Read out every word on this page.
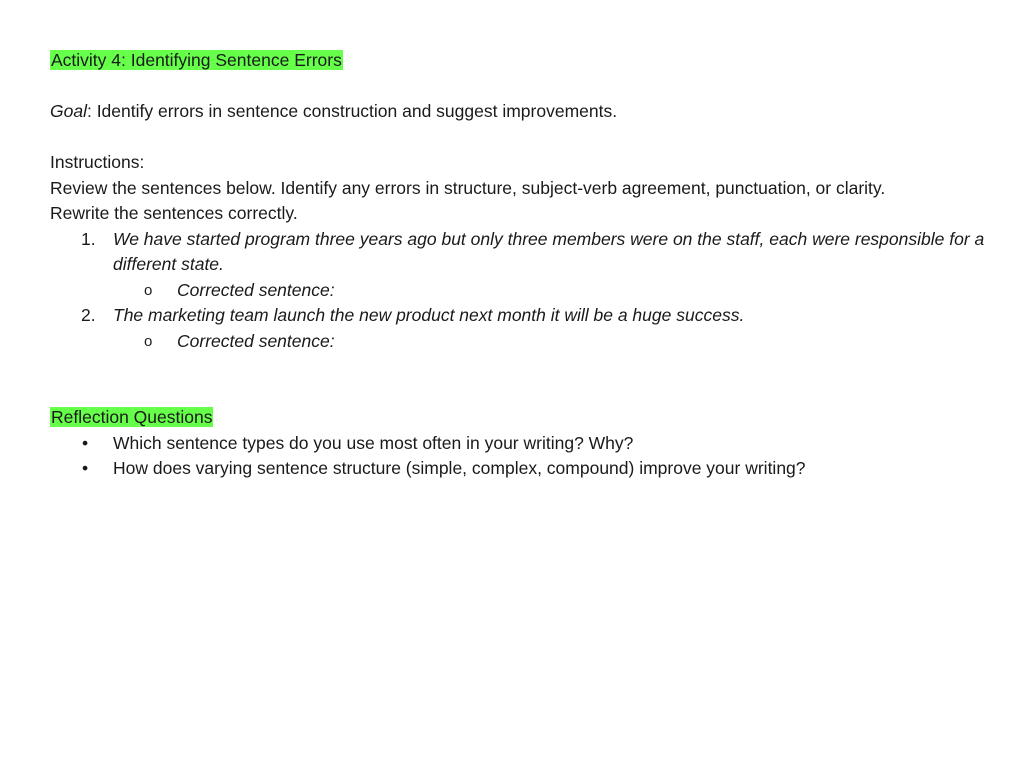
Activity 4: Identifying Sentence Errors
Goal: Identify errors in sentence construction and suggest improvements.
Instructions:
Review the sentences below. Identify any errors in structure, subject-verb agreement, punctuation, or clarity.
Rewrite the sentences correctly.
1. We have started program three years ago but only three members were on the staff, each were responsible for a different state.
o Corrected sentence:
2. The marketing team launch the new product next month it will be a huge success.
o Corrected sentence:
Reflection Questions
• Which sentence types do you use most often in your writing? Why?
• How does varying sentence structure (simple, complex, compound) improve your writing?
